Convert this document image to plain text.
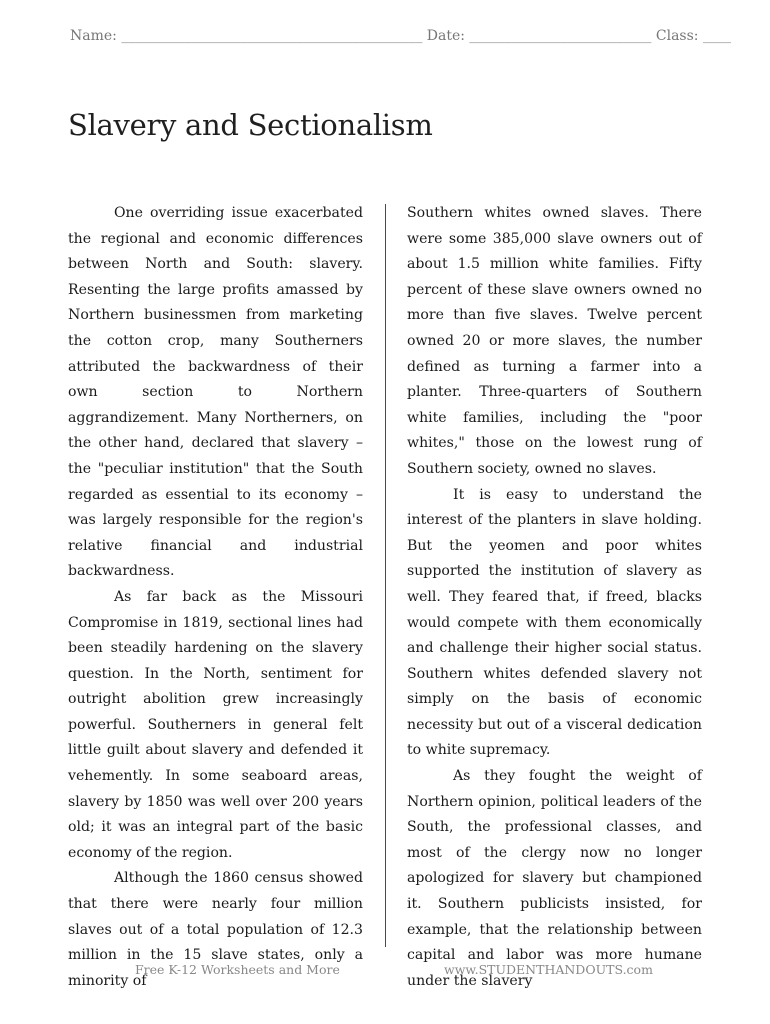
Name: ___________________________________________ Date: __________________________ Class: ____
Slavery and Sectionalism

One overriding issue exacerbated the regional and economic differences between North and South: slavery. Resenting the large profits amassed by Northern businessmen from marketing the cotton crop, many Southerners attributed the backwardness of their own section to Northern aggrandizement. Many Northerners, on the other hand, declared that slavery – the "peculiar institution" that the South regarded as essential to its economy – was largely responsible for the region's relative financial and industrial backwardness.

As far back as the Missouri Compromise in 1819, sectional lines had been steadily hardening on the slavery question. In the North, sentiment for outright abolition grew increasingly powerful. Southerners in general felt little guilt about slavery and defended it vehemently. In some seaboard areas, slavery by 1850 was well over 200 years old; it was an integral part of the basic economy of the region.

Although the 1860 census showed that there were nearly four million slaves out of a total population of 12.3 million in the 15 slave states, only a minority of

Southern whites owned slaves. There were some 385,000 slave owners out of about 1.5 million white families. Fifty percent of these slave owners owned no more than five slaves. Twelve percent owned 20 or more slaves, the number defined as turning a farmer into a planter. Three-quarters of Southern white families, including the "poor whites," those on the lowest rung of Southern society, owned no slaves.

It is easy to understand the interest of the planters in slave holding. But the yeomen and poor whites supported the institution of slavery as well. They feared that, if freed, blacks would compete with them economically and challenge their higher social status. Southern whites defended slavery not simply on the basis of economic necessity but out of a visceral dedication to white supremacy.

As they fought the weight of Northern opinion, political leaders of the South, the professional classes, and most of the clergy now no longer apologized for slavery but championed it. Southern publicists insisted, for example, that the relationship between capital and labor was more humane under the slavery

Free K-12 Worksheets and More	www.STUDENTHANDOUTS.com
